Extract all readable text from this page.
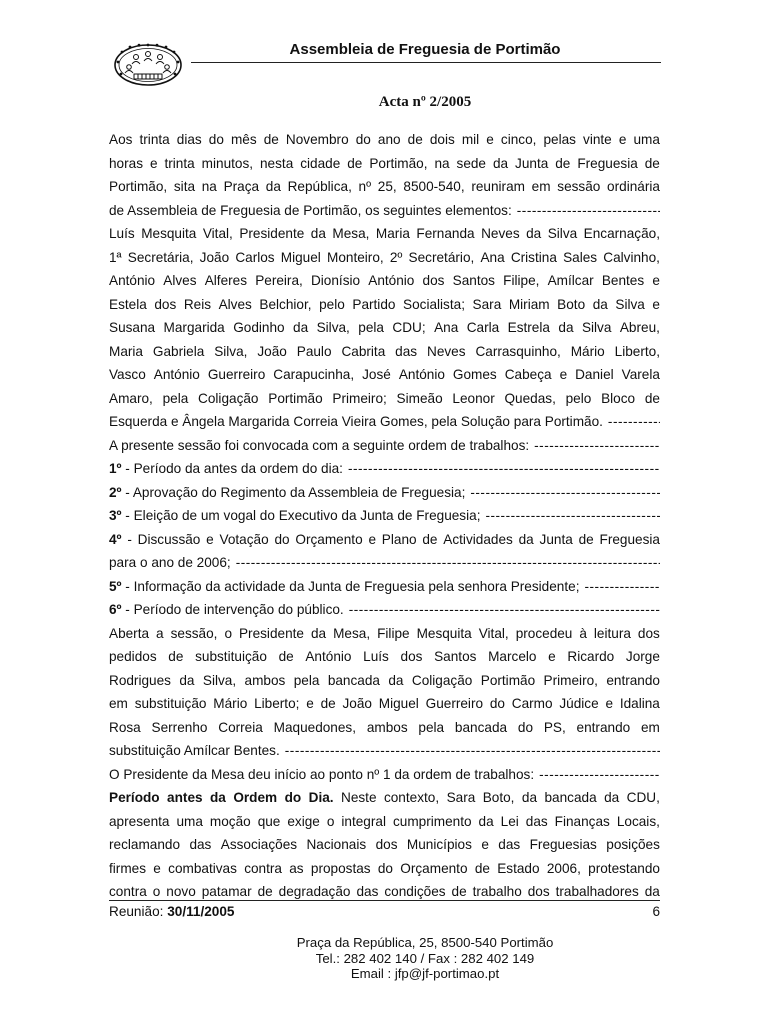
Assembleia de Freguesia de Portimão
Acta nº 2/2005
Aos trinta dias do mês de Novembro do ano de dois mil e cinco, pelas vinte e uma
horas e trinta minutos, nesta cidade de Portimão, na sede da Junta de Freguesia de
Portimão, sita na Praça da República, nº 25, 8500-540, reuniram em sessão ordinária
de Assembleia de Freguesia de Portimão, os seguintes elementos:
-----
Luís Mesquita Vital, Presidente da Mesa, Maria Fernanda Neves da Silva Encarnação,
1ª Secretária, João Carlos Miguel Monteiro, 2º Secretário, Ana Cristina Sales Calvinho,
António Alves Alferes Pereira, Dionísio António dos Santos Filipe, Amílcar Bentes e
Estela dos Reis Alves Belchior, pelo Partido Socialista; Sara Miriam Boto da Silva e
Susana Margarida Godinho da Silva, pela CDU; Ana Carla Estrela da Silva Abreu,
Maria Gabriela Silva, João Paulo Cabrita das Neves Carrasquinho, Mário Liberto,
Vasco António Guerreiro Carapucinha, José António Gomes Cabeça e Daniel Varela
Amaro, pela Coligação Portimão Primeiro; Simeão Leonor Quedas, pelo Bloco de
Esquerda e Ângela Margarida Correia Vieira Gomes, pela Solução para Portimão.
-----
A presente sessão foi convocada com a seguinte ordem de trabalhos:
-----
1º - Período da antes da ordem do dia:
-----
2º - Aprovação do Regimento da Assembleia de Freguesia;
-----
3º - Eleição de um vogal do Executivo da Junta de Freguesia;
-----
4º - Discussão e Votação do Orçamento e Plano de Actividades da Junta de Freguesia
para o ano de 2006;
-----
5º - Informação da actividade da Junta de Freguesia pela senhora Presidente;
-----
6º - Período de intervenção do público.
-----
Aberta a sessão, o Presidente da Mesa, Filipe Mesquita Vital, procedeu à leitura dos
pedidos de substituição de António Luís dos Santos Marcelo e Ricardo Jorge
Rodrigues da Silva, ambos pela bancada da Coligação Portimão Primeiro, entrando
em substituição Mário Liberto; e de João Miguel Guerreiro do Carmo Júdice e Idalina
Rosa Serrenho Correia Maquedones, ambos pela bancada do PS, entrando em
substituição Amílcar Bentes.
-----
O Presidente da Mesa deu início ao ponto nº 1 da ordem de trabalhos:
-----
Período antes da Ordem do Dia. Neste contexto, Sara Boto, da bancada da CDU,
apresenta uma moção que exige o integral cumprimento da Lei das Finanças Locais,
reclamando das Associações Nacionais dos Municípios e das Freguesias posições
firmes e combativas contra as propostas do Orçamento de Estado 2006, protestando
contra o novo patamar de degradação das condições de trabalho dos trabalhadores da
Reunião: 30/11/2005	6
Praça da República, 25, 8500-540 Portimão
Tel.: 282 402 140 / Fax : 282 402 149
Email : jfp@jf-portimao.pt
